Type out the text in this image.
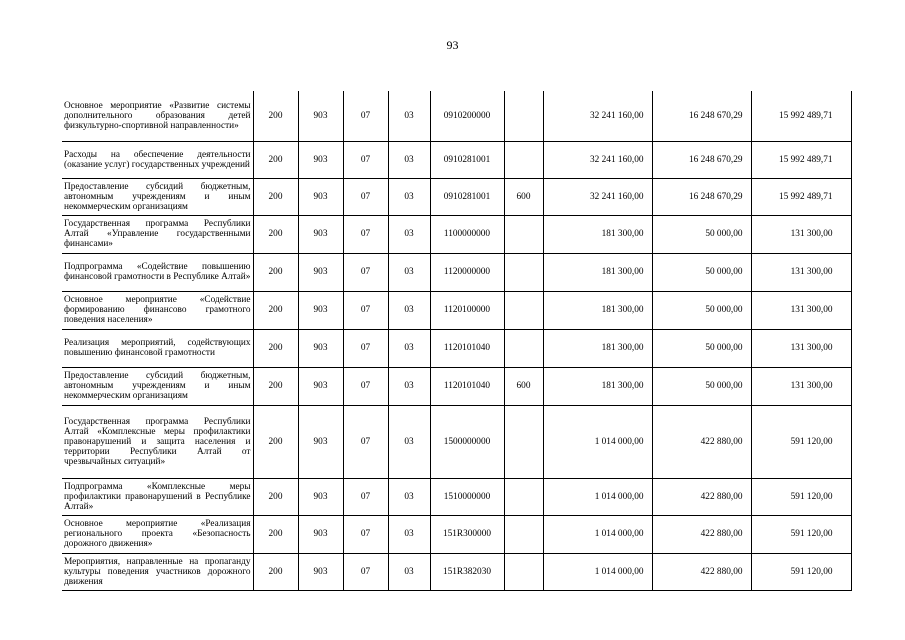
93
Основное мероприятие «Развитие системы дополнительного образования детей физкультурно-спортивной направленности»	200	903	07	03	0910200000		32 241 160,00	16 248 670,29	15 992 489,71
Расходы на обеспечение деятельности (оказание услуг) государственных учреждений	200	903	07	03	0910281001		32 241 160,00	16 248 670,29	15 992 489,71
Предоставление субсидий бюджетным, автономным учреждениям и иным некоммерческим организациям	200	903	07	03	0910281001	600	32 241 160,00	16 248 670,29	15 992 489,71
Государственная программа Республики Алтай «Управление государственными финансами»	200	903	07	03	1100000000		181 300,00	50 000,00	131 300,00
Подпрограмма «Содействие повышению финансовой грамотности в Республике Алтай»	200	903	07	03	1120000000		181 300,00	50 000,00	131 300,00
Основное мероприятие «Содействие формированию финансово грамотного поведения населения»	200	903	07	03	1120100000		181 300,00	50 000,00	131 300,00
Реализация мероприятий, содействующих повышению финансовой грамотности	200	903	07	03	1120101040		181 300,00	50 000,00	131 300,00
Предоставление субсидий бюджетным, автономным учреждениям и иным некоммерческим организациям	200	903	07	03	1120101040	600	181 300,00	50 000,00	131 300,00
Государственная программа Республики Алтай «Комплексные меры профилактики правонарушений и защита населения и территории Республики Алтай от чрезвычайных ситуаций»	200	903	07	03	1500000000		1 014 000,00	422 880,00	591 120,00
Подпрограмма «Комплексные меры профилактики правонарушений в Республике Алтай»	200	903	07	03	1510000000		1 014 000,00	422 880,00	591 120,00
Основное мероприятие «Реализация регионального проекта «Безопасность дорожного движения»	200	903	07	03	151R300000		1 014 000,00	422 880,00	591 120,00
Мероприятия, направленные на пропаганду культуры поведения участников дорожного движения	200	903	07	03	151R382030		1 014 000,00	422 880,00	591 120,00
